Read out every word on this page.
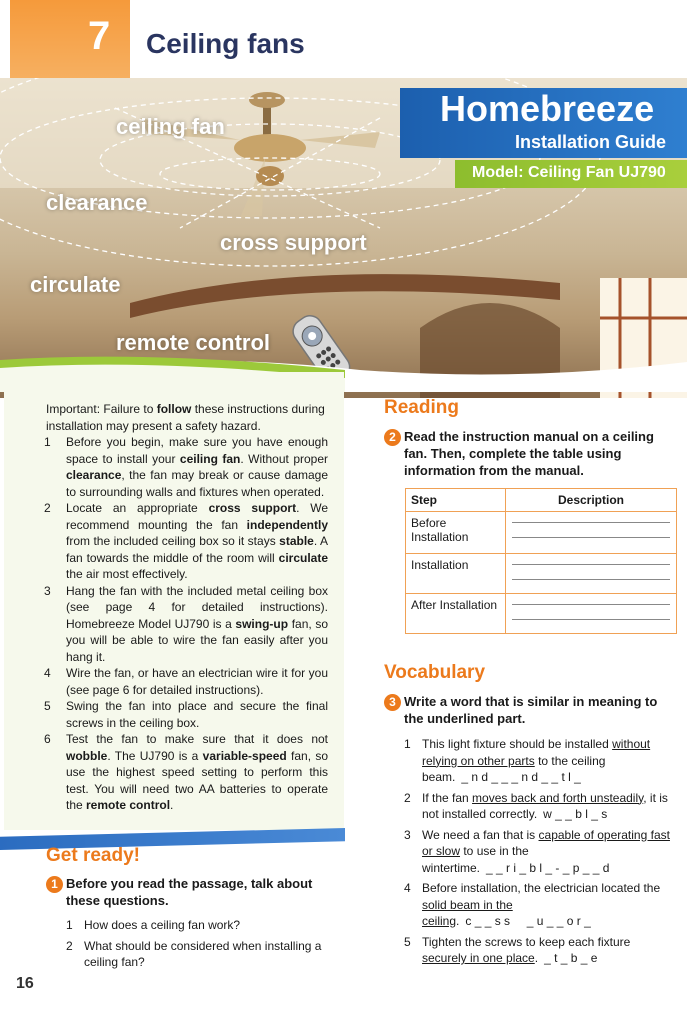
7
ceiling fan
clearance
cross support
circulate
remote control
Ceiling fans
Homebreeze
Installation Guide
Model: Ceiling Fan UJ790

Important: Failure to follow these instructions during installation may present a safety hazard.

1 Before you begin, make sure you have enough space to install your ceiling fan. Without proper clearance, the fan may break or cause damage to surrounding walls and fixtures when operated.
2 Locate an appropriate cross support. We recommend mounting the fan independently from the included ceiling box so it stays stable. A fan towards the middle of the room will circulate the air most effectively.
3 Hang the fan with the included metal ceiling box (see page 4 for detailed instructions). Homebreeze Model UJ790 is a swing-up fan, so you will be able to wire the fan easily after you hang it.
4 Wire the fan, or have an electrician wire it for you (see page 6 for detailed instructions).
5 Swing the fan into place and secure the final screws in the ceiling box.
6 Test the fan to make sure that it does not wobble. The UJ790 is a variable-speed fan, so use the highest speed setting to perform this test. You will need two AA batteries to operate the remote control.
Get ready!
1 Before you read the passage, talk about these questions.
1 How does a ceiling fan work?
2 What should be considered when installing a ceiling fan?
Reading
2 Read the instruction manual on a ceiling fan. Then, complete the table using information from the manual.
Step	Description
Before Installation	

Installation	

After Installation	
Vocabulary
3 Write a word that is similar in meaning to the underlined part.
1 This light fixture should be installed without relying on other parts to the ceiling beam. _ n d _ _ _ n d _ _ t l _
2 If the fan moves back and forth unsteadily, it is not installed correctly. w _ _ b l _ s
3 We need a fan that is capable of operating fast or slow to use in the wintertime. _ _ r i _ b l _ - _ p _ _ d
4 Before installation, the electrician located the solid beam in the ceiling. c _ _ s s     _ u _ _ o r _
5 Tighten the screws to keep each fixture securely in one place. _ t _ b _ e
16
